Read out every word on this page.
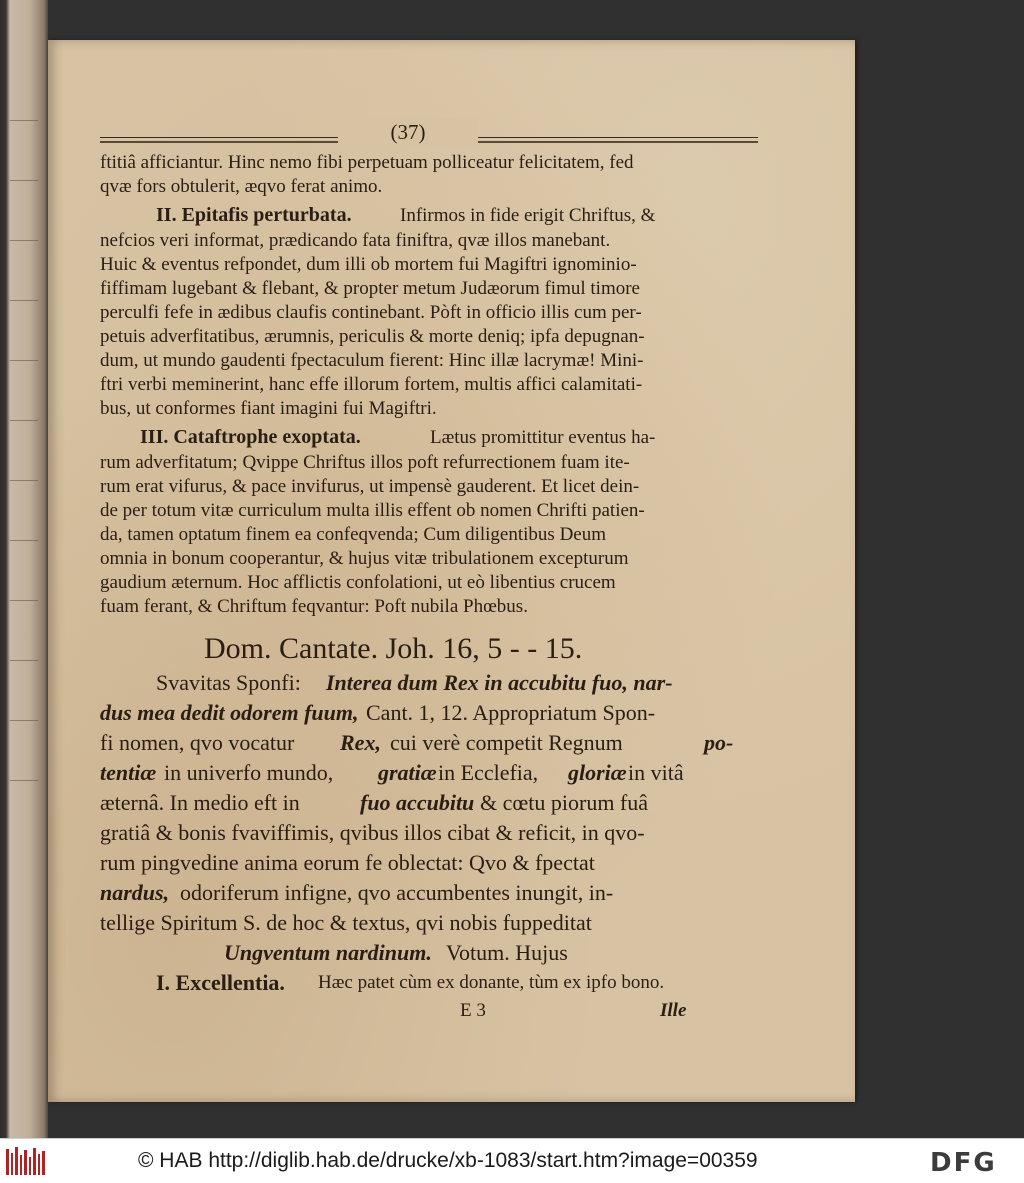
(37)
ftitiâ afficiantur. Hinc nemo fibi perpetuam polliceatur felicitatem, fed
qvæ fors obtulerit, æqvo ferat animo.
II. Epitafis perturbata.	Infirmos in fide erigit Chriftus, &
nefcios veri informat, prædicando fata finiftra, qvæ illos manebant.
Huic & eventus refpondet, dum illi ob mortem fui Magiftri ignominio-
fiffimam lugebant & flebant, & propter metum Judæorum fimul timore
perculfi fefe in ædibus claufis continebant. Pòft in officio illis cum per-
petuis adverfitatibus, ærumnis, periculis & morte deniq; ipfa depugnan-
dum, ut mundo gaudenti fpectaculum fierent: Hinc illæ lacrymæ! Mini-
ftri verbi meminerint, hanc effe illorum fortem, multis affici calamitati-
bus, ut conformes fiant imagini fui Magiftri.
III. Cataftrophe exoptata.	Lætus promittitur eventus ha-
rum adverfitatum; Qvippe Chriftus illos poft refurrectionem fuam ite-
rum erat vifurus, & pace invifurus, ut impensè gauderent. Et licet dein-
de per totum vitæ curriculum multa illis effent ob nomen Chrifti patien-
da, tamen optatum finem ea confeqvenda; Cum diligentibus Deum
omnia in bonum cooperantur, & hujus vitæ tribulationem excepturum
gaudium æternum. Hoc afflictis confolationi, ut eò libentius crucem
fuam ferant, & Chriftum feqvantur: Poft nubila Phœbus.
Dom. Cantate. Joh. 16, 5 - - 15.
Svavitas Sponfi: Interea dum Rex in accubitu fuo, nar-
dus mea dedit odorem fuum, Cant. 1, 12. Appropriatum Spon-
fi nomen, qvo vocatur Rex, cui verè competit Regnum	po-
tentiæ in univerfo mundo, gratiæ in Ecclefia, gloriæ in vitâ
æternâ. In medio eft in	fuo accubitu & cœtu piorum fuâ
gratiâ & bonis fvaviffimis, qvibus illos cibat & reficit, in qvo-
rum pingvedine anima eorum fe oblectat: Qvo & fpectat
nardus, odoriferum infigne, qvo accumbentes inungit, in-
tellige Spiritum S. de hoc & textus, qvi nobis fuppeditat
Ungventum nardinum. Votum. Hujus
I. Excellentia. Hæc patet cùm ex donante, tùm ex ipfo bono.
E 3	Ille
© HAB http://diglib.hab.de/drucke/xb-1083/start.htm?image=00359	DFG
